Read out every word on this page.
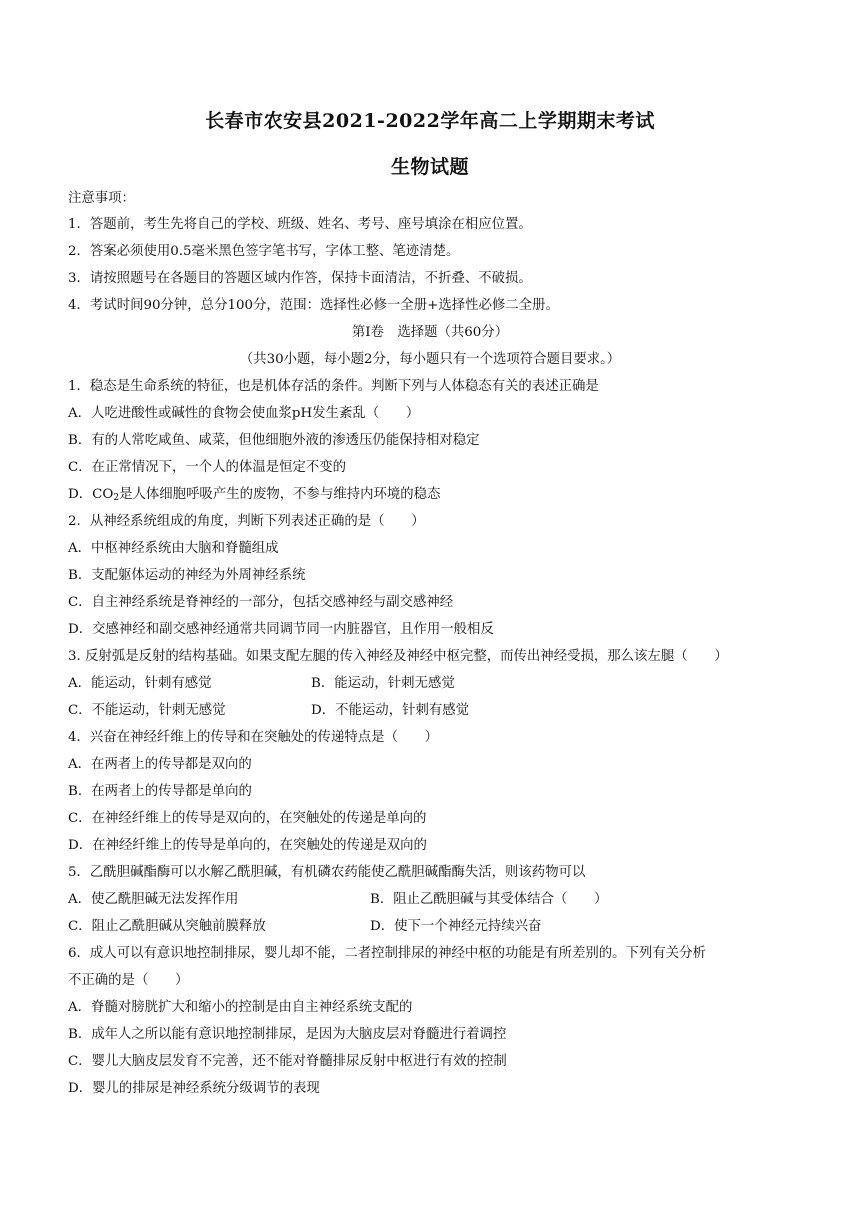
长春市农安县2021-2022学年高二上学期期末考试
生物试题
注意事项：
1．答题前，考生先将自己的学校、班级、姓名、考号、座号填涂在相应位置。
2．答案必须使用0.5毫米黑色签字笔书写，字体工整、笔迹清楚。
3．请按照题号在各题目的答题区域内作答，保持卡面清洁，不折叠、不破损。
4．考试时间90分钟，总分100分，范围：选择性必修一全册+选择性必修二全册。
第Ⅰ卷　选择题（共60分）
（共30小题，每小题2分，每小题只有一个选项符合题目要求。）
1．稳态是生命系统的特征，也是机体存活的条件。判断下列与人体稳态有关的表述正确是
A．人吃进酸性或碱性的食物会使血浆pH发生紊乱（　　）
B．有的人常吃咸鱼、咸菜，但他细胞外液的渗透压仍能保持相对稳定
C．在正常情况下，一个人的体温是恒定不变的
D．$CO_2$是人体细胞呼吸产生的废物，不参与维持内环境的稳态
2．从神经系统组成的角度，判断下列表述正确的是（　　）
A．中枢神经系统由大脑和脊髓组成
B．支配躯体运动的神经为外周神经系统
C．自主神经系统是脊神经的一部分，包括交感神经与副交感神经
D．交感神经和副交感神经通常共同调节同一内脏器官，且作用一般相反
3. 反射弧是反射的结构基础。如果支配左腿的传入神经及神经中枢完整，而传出神经受损，那么该左腿（　　）
A．能运动，针刺有感觉	B．能运动，针刺无感觉
C．不能运动，针刺无感觉	D．不能运动，针刺有感觉
4．兴奋在神经纤维上的传导和在突触处的传递特点是（　　）
A．在两者上的传导都是双向的
B．在两者上的传导都是单向的
C．在神经纤维上的传导是双向的，在突触处的传递是单向的
D．在神经纤维上的传导是单向的，在突触处的传递是双向的
5．乙酰胆碱酯酶可以水解乙酰胆碱，有机磷农药能使乙酰胆碱酯酶失活，则该药物可以
A．使乙酰胆碱无法发挥作用	B．阻止乙酰胆碱与其受体结合（　　）
C．阻止乙酰胆碱从突触前膜释放	D．使下一个神经元持续兴奋
6．成人可以有意识地控制排尿，婴儿却不能，二者控制排尿的神经中枢的功能是有所差别的。下列有关分析
不正确的是（　　）
A．脊髓对膀胱扩大和缩小的控制是由自主神经系统支配的
B．成年人之所以能有意识地控制排尿，是因为大脑皮层对脊髓进行着调控
C．婴儿大脑皮层发育不完善，还不能对脊髓排尿反射中枢进行有效的控制
D．婴儿的排尿是神经系统分级调节的表现
